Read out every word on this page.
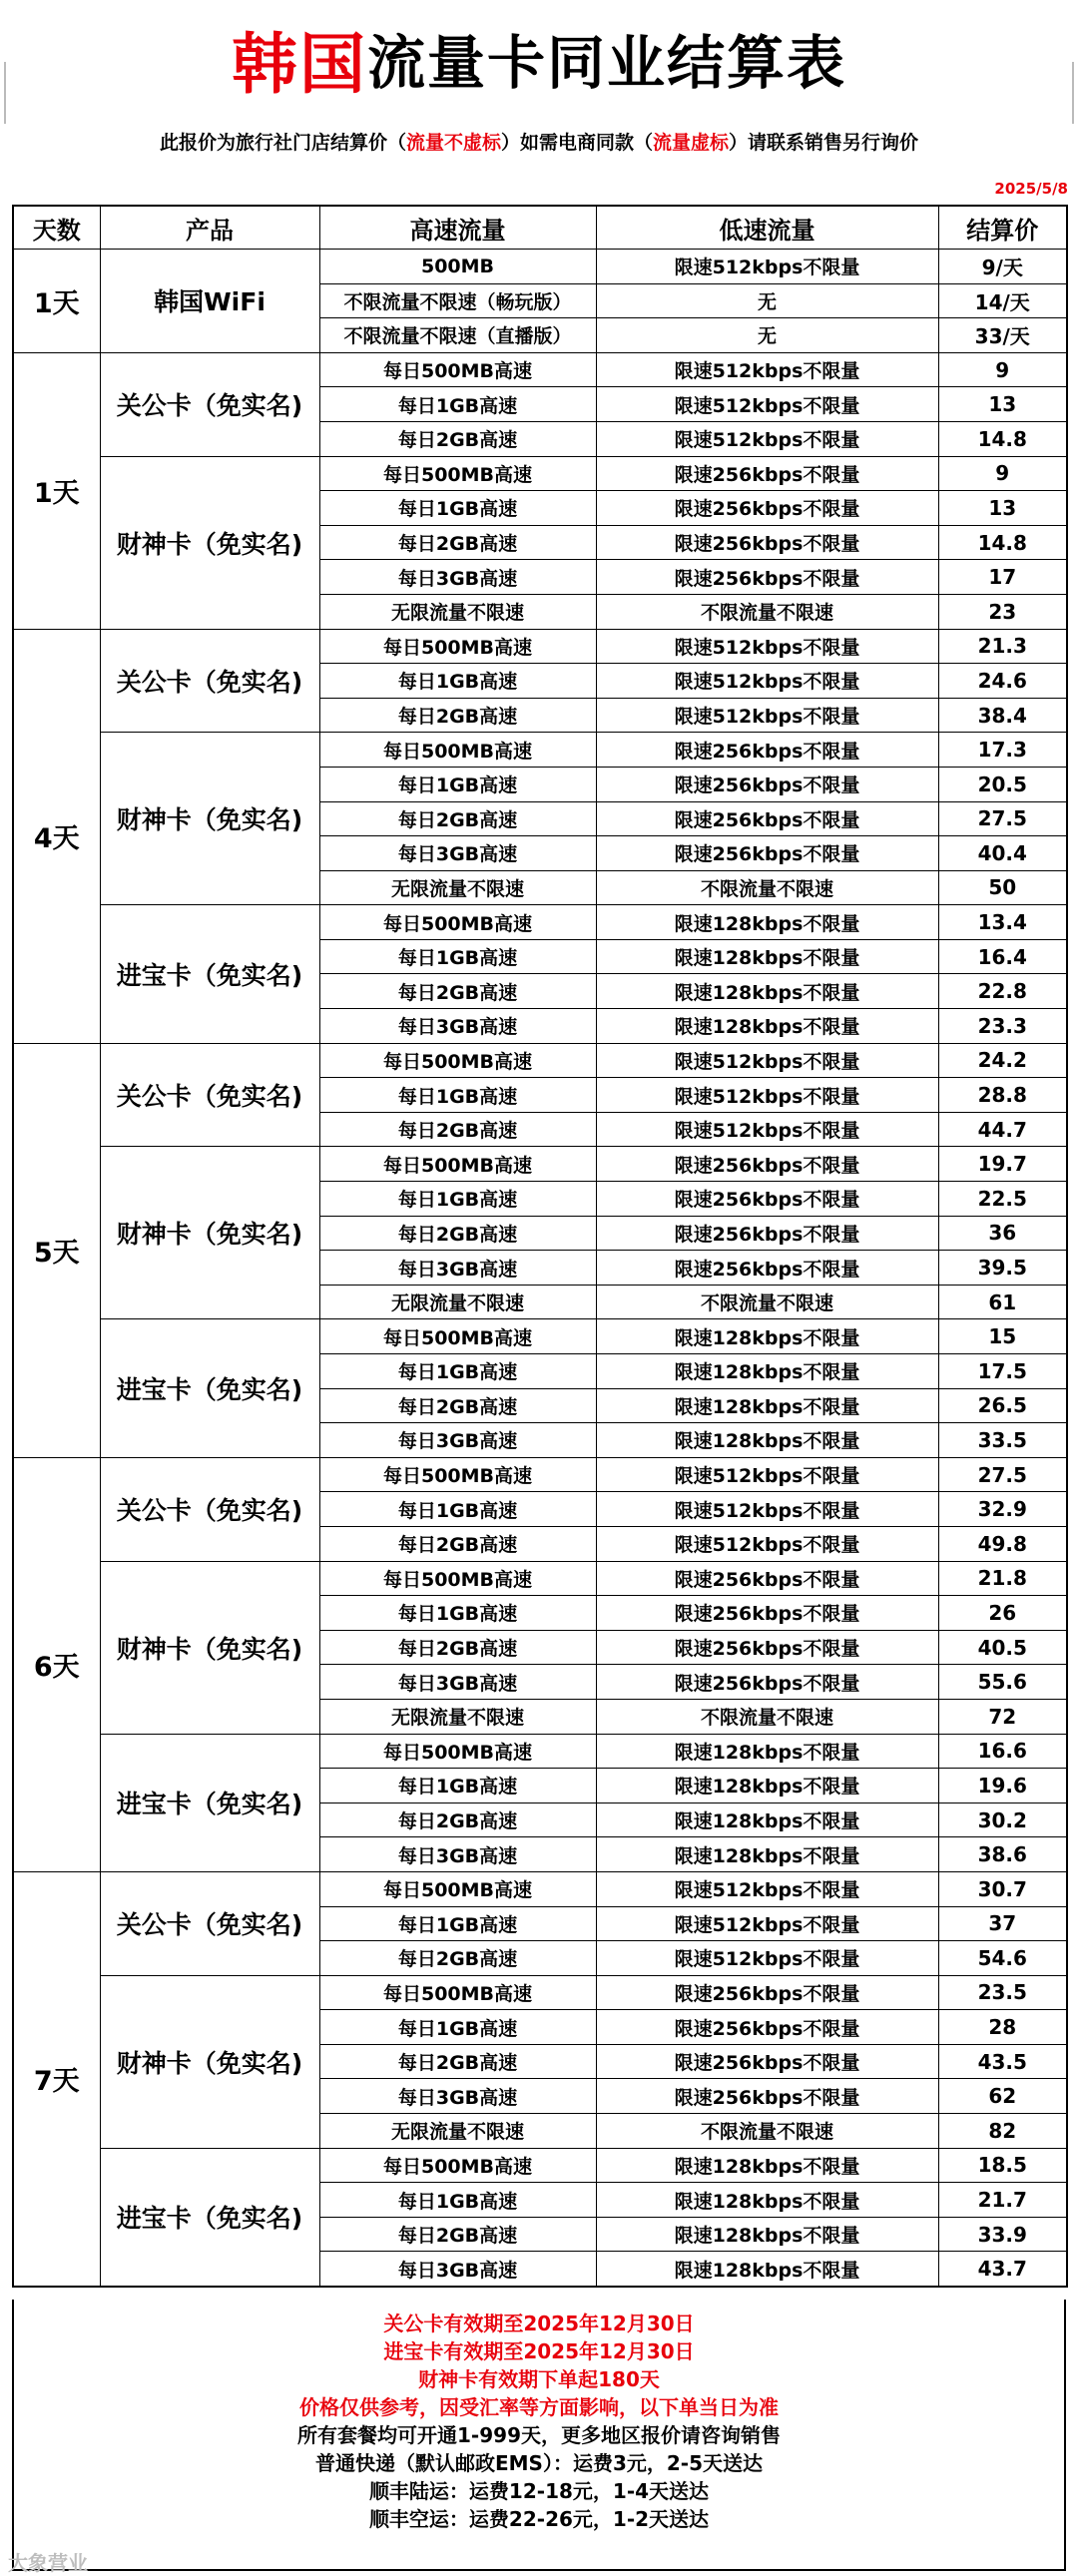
韩国 流量卡同业结算表
此报价为旅行社门店结算价（流量不虚标）如需电商同款（流量虚标）请联系销售另行询价
2025/5/8
天数	产品	高速流量	低速流量	结算价
1天	韩国WiFi	500MB	限速512kbps不限量	9/天
		不限流量不限速（畅玩版）	无	14/天
		不限流量不限速（直播版）	无	33/天
1天	关公卡（免实名)	每日500MB高速	限速512kbps不限量	9
		每日1GB高速	限速512kbps不限量	13
		每日2GB高速	限速512kbps不限量	14.8
	财神卡（免实名)	每日500MB高速	限速256kbps不限量	9
		每日1GB高速	限速256kbps不限量	13
		每日2GB高速	限速256kbps不限量	14.8
		每日3GB高速	限速256kbps不限量	17
		无限流量不限速	不限流量不限速	23
4天	关公卡（免实名)	每日500MB高速	限速512kbps不限量	21.3
		每日1GB高速	限速512kbps不限量	24.6
		每日2GB高速	限速512kbps不限量	38.4
	财神卡（免实名)	每日500MB高速	限速256kbps不限量	17.3
		每日1GB高速	限速256kbps不限量	20.5
		每日2GB高速	限速256kbps不限量	27.5
		每日3GB高速	限速256kbps不限量	40.4
		无限流量不限速	不限流量不限速	50
	进宝卡（免实名)	每日500MB高速	限速128kbps不限量	13.4
		每日1GB高速	限速128kbps不限量	16.4
		每日2GB高速	限速128kbps不限量	22.8
		每日3GB高速	限速128kbps不限量	23.3
5天	关公卡（免实名)	每日500MB高速	限速512kbps不限量	24.2
		每日1GB高速	限速512kbps不限量	28.8
		每日2GB高速	限速512kbps不限量	44.7
	财神卡（免实名)	每日500MB高速	限速256kbps不限量	19.7
		每日1GB高速	限速256kbps不限量	22.5
		每日2GB高速	限速256kbps不限量	36
		每日3GB高速	限速256kbps不限量	39.5
		无限流量不限速	不限流量不限速	61
	进宝卡（免实名)	每日500MB高速	限速128kbps不限量	15
		每日1GB高速	限速128kbps不限量	17.5
		每日2GB高速	限速128kbps不限量	26.5
		每日3GB高速	限速128kbps不限量	33.5
6天	关公卡（免实名)	每日500MB高速	限速512kbps不限量	27.5
		每日1GB高速	限速512kbps不限量	32.9
		每日2GB高速	限速512kbps不限量	49.8
	财神卡（免实名)	每日500MB高速	限速256kbps不限量	21.8
		每日1GB高速	限速256kbps不限量	26
		每日2GB高速	限速256kbps不限量	40.5
		每日3GB高速	限速256kbps不限量	55.6
		无限流量不限速	不限流量不限速	72
	进宝卡（免实名)	每日500MB高速	限速128kbps不限量	16.6
		每日1GB高速	限速128kbps不限量	19.6
		每日2GB高速	限速128kbps不限量	30.2
		每日3GB高速	限速128kbps不限量	38.6
7天	关公卡（免实名)	每日500MB高速	限速512kbps不限量	30.7
		每日1GB高速	限速512kbps不限量	37
		每日2GB高速	限速512kbps不限量	54.6
	财神卡（免实名)	每日500MB高速	限速256kbps不限量	23.5
		每日1GB高速	限速256kbps不限量	28
		每日2GB高速	限速256kbps不限量	43.5
		每日3GB高速	限速256kbps不限量	62
		无限流量不限速	不限流量不限速	82
	进宝卡（免实名)	每日500MB高速	限速128kbps不限量	18.5
		每日1GB高速	限速128kbps不限量	21.7
		每日2GB高速	限速128kbps不限量	33.9
		每日3GB高速	限速128kbps不限量	43.7
关公卡有效期至2025年12月30日
进宝卡有效期至2025年12月30日
财神卡有效期下单起180天
价格仅供参考，因受汇率等方面影响，以下单当日为准
所有套餐均可开通1-999天，更多地区报价请咨询销售
普通快递（默认邮政EMS）：运费3元，2-5天送达
顺丰陆运：运费12-18元，1-4天送达
顺丰空运：运费22-26元，1-2天送达
大象营业
